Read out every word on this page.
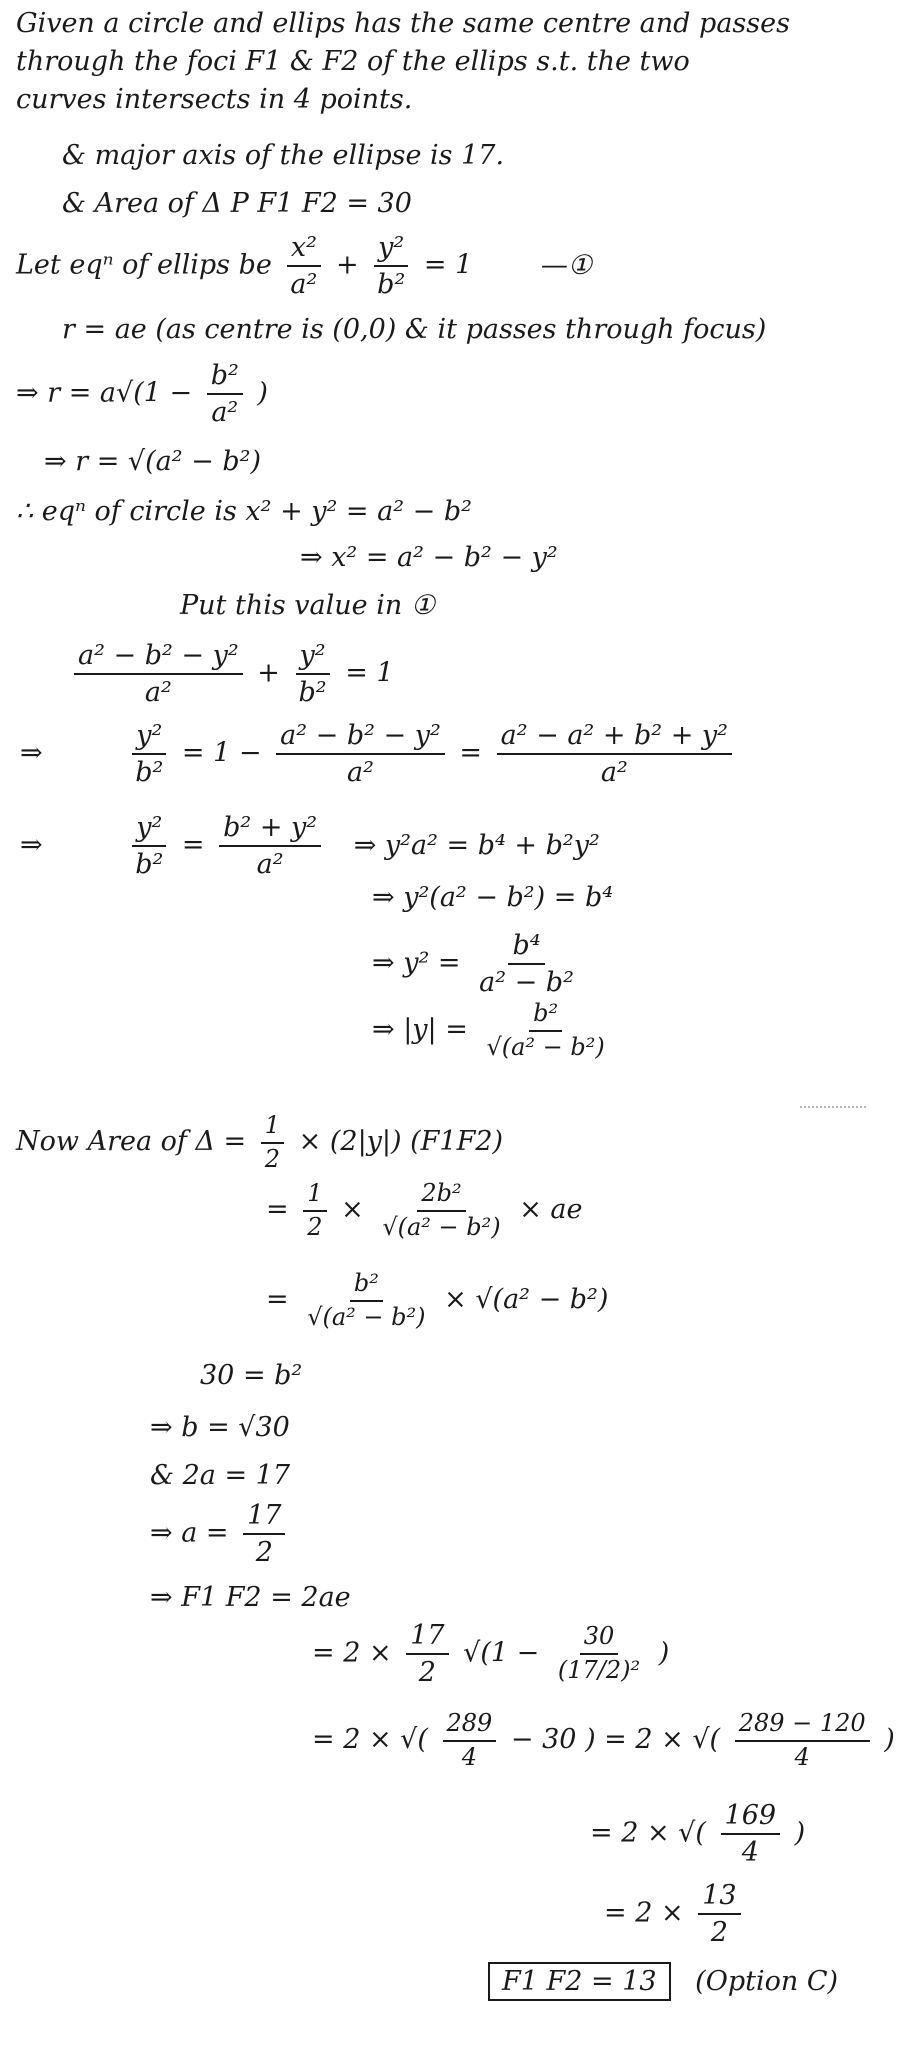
Given a circle and ellips has the same centre and passes
through the foci F1 & F2 of the ellips s.t. the two
curves intersects in 4 points.
& major axis of the ellipse is 17.
& Area of Δ P F1 F2 = 30
Let eqⁿ of ellips be $\frac{\text{x²}}{\text{a²}} + \frac{\text{y²}}{\text{b²}} = 1$	—①
r = ae (as centre is (0,0) & it passes through focus)
⇒ $r = a√(1 - \frac{\text{b²}}{\text{a²}}$ )
⇒ r = √(a² − b²)
∴ eqⁿ of circle is x² + y² = a² − b²
⇒ x² = a² − b² − y²
Put this value in ①
$\frac{\text{a² − b² − y²}}{\text{a²}} + \frac{\text{y²}}{\text{b²}} = 1$
⇒	$\frac{\text{y²}}{\text{b²}} = 1 - \frac{\text{a² − b² − y²}}{\text{a²}} = \frac{\text{a² − a² + b² + y²}}{\text{a²}}$
⇒	$\frac{\text{y²}}{\text{b²}} = \frac{\text{b² + y²}}{\text{a²}}$ ⇒ y²a² = b⁴ + b²y²
⇒ y²(a² − b²) = b⁴
⇒ $y^2 = \frac{\text{b⁴}}{\text{a² − b²}}$
⇒ $|y| = \frac{\text{b²}}{\text{√(a² − b²)}}$
Now Area of $\Delta = \frac{1}{2} \times (2|y|)$ (F1F2)
= $\frac{1}{2} \times \frac{\text{2b²}}{\text{√(a² − b²)}}$ × ae
= $\frac{\text{b²}}{\text{√(a² − b²)}} \times √(a^2 - b^2)$
30 = b²
⇒ b = √30
& 2a = 17
⇒ $a = \frac{17}{2}$
⇒ F1 F2 = 2ae
= $2 \times \frac{17}{2} √(1 - \frac{30}{\text{(17/2)²}}$ )
= 2 × √( $\frac{289}{4} - 30$ ) = 2 × √( $\frac{289 - 120}{4}$ )
= 2 × √( $\frac{169}{4}$ )
= $2 \times \frac{13}{2}$
F1 F2 = 13 (Option C)
